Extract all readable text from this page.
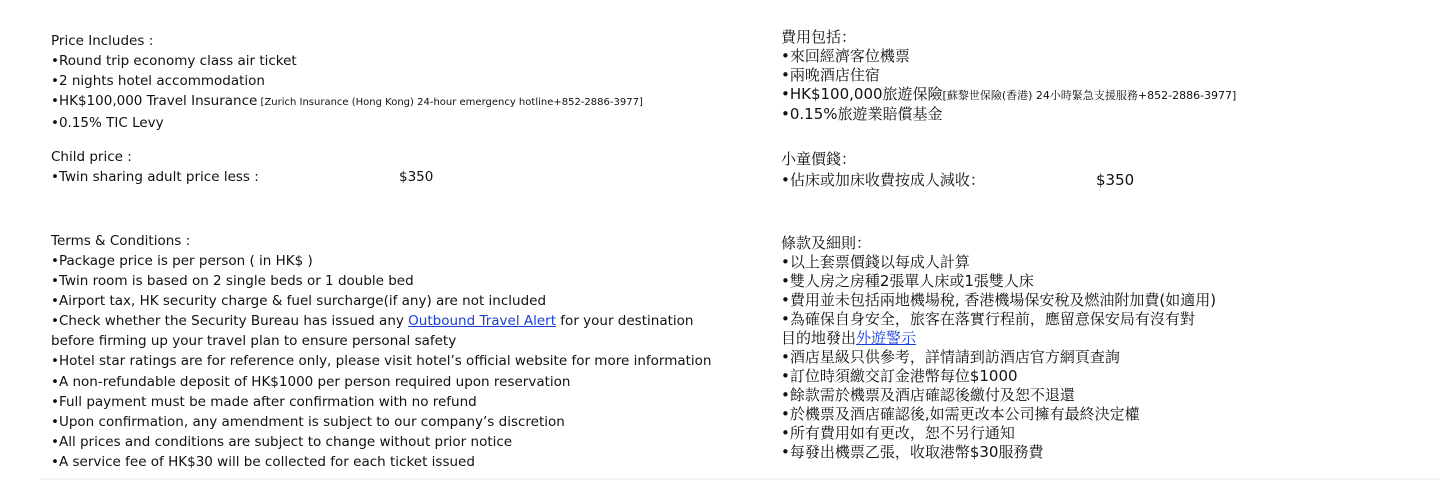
Price Includes :
•Round trip economy class air ticket
•2 nights hotel accommodation
•HK$100,000 Travel Insurance [Zurich Insurance (Hong Kong) 24-hour emergency hotline+852-2886-3977]
•0.15% TIC Levy
Child price :
•Twin sharing adult price less :	$350
Terms & Conditions :
•Package price is per person ( in HK$ )
•Twin room is based on 2 single beds or 1 double bed
•Airport tax, HK security charge & fuel surcharge(if any) are not included
•Check whether the Security Bureau has issued any Outbound Travel Alert for your destination
before firming up your travel plan to ensure personal safety
•Hotel star ratings are for reference only, please visit hotel’s official website for more information
•A non-refundable deposit of HK$1000 per person required upon reservation
•Full payment must be made after confirmation with no refund
•Upon confirmation, any amendment is subject to our company’s discretion
•All prices and conditions are subject to change without prior notice
•A service fee of HK$30 will be collected for each ticket issued
費用包括：
•來回經濟客位機票
•兩晚酒店住宿
•HK$100,000旅遊保險[蘇黎世保險(香港) 24小時緊急支援服務+852-2886-3977]
•0.15%旅遊業賠償基金
小童價錢：
•佔床或加床收費按成人減收：	$350
條款及細則：
•以上套票價錢以每成人計算
•雙人房之房種2張單人床或1張雙人床
•費用並未包括兩地機場稅, 香港機場保安稅及燃油附加費(如適用)
•為確保自身安全，旅客在落實行程前，應留意保安局有沒有對
目的地發出外遊警示
•酒店星級只供參考，詳情請到訪酒店官方網頁查詢
•訂位時須繳交訂金港幣每位$1000
•餘款需於機票及酒店確認後繳付及恕不退還
•於機票及酒店確認後,如需更改本公司擁有最終決定權
•所有費用如有更改，恕不另行通知
•每發出機票乙張，收取港幣$30服務費
